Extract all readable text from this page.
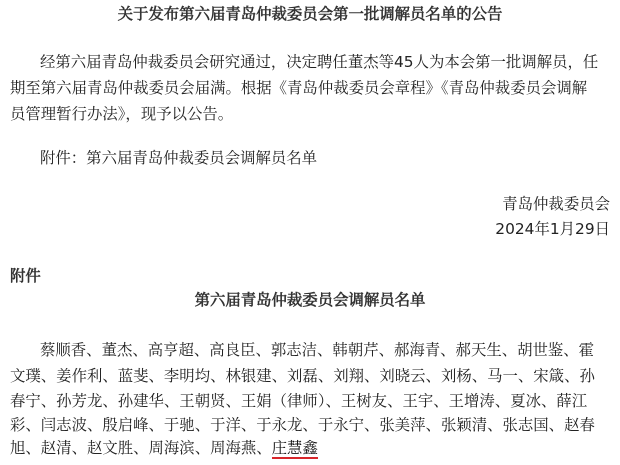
关于发布第六届青岛仲裁委员会第一批调解员名单的公告
经第六届青岛仲裁委员会研究通过，决定聘任董杰等45人为本会第一批调解员，任
期至第六届青岛仲裁委员会届满。根据《青岛仲裁委员会章程》《青岛仲裁委员会调解
员管理暂行办法》，现予以公告。
附件：第六届青岛仲裁委员会调解员名单
青岛仲裁委员会
2024年1月29日
附件
第六届青岛仲裁委员会调解员名单
蔡顺香、董杰、高亨超、高良臣、郭志洁、韩朝芹、郝海青、郝天生、胡世鉴、霍
文璞、姜作利、蓝斐、李明均、林银建、刘磊、刘翔、刘晓云、刘杨、马一、宋箴、孙
春宁、孙芳龙、孙建华、王朝贤、王娟（律师）、王树友、王宇、王增涛、夏冰、薛江
彩、闫志波、殷启峰、于驰、于洋、于永龙、于永宁、张美萍、张颖清、张志国、赵春
旭、赵清、赵文胜、周海滨、周海燕、庄慧鑫
